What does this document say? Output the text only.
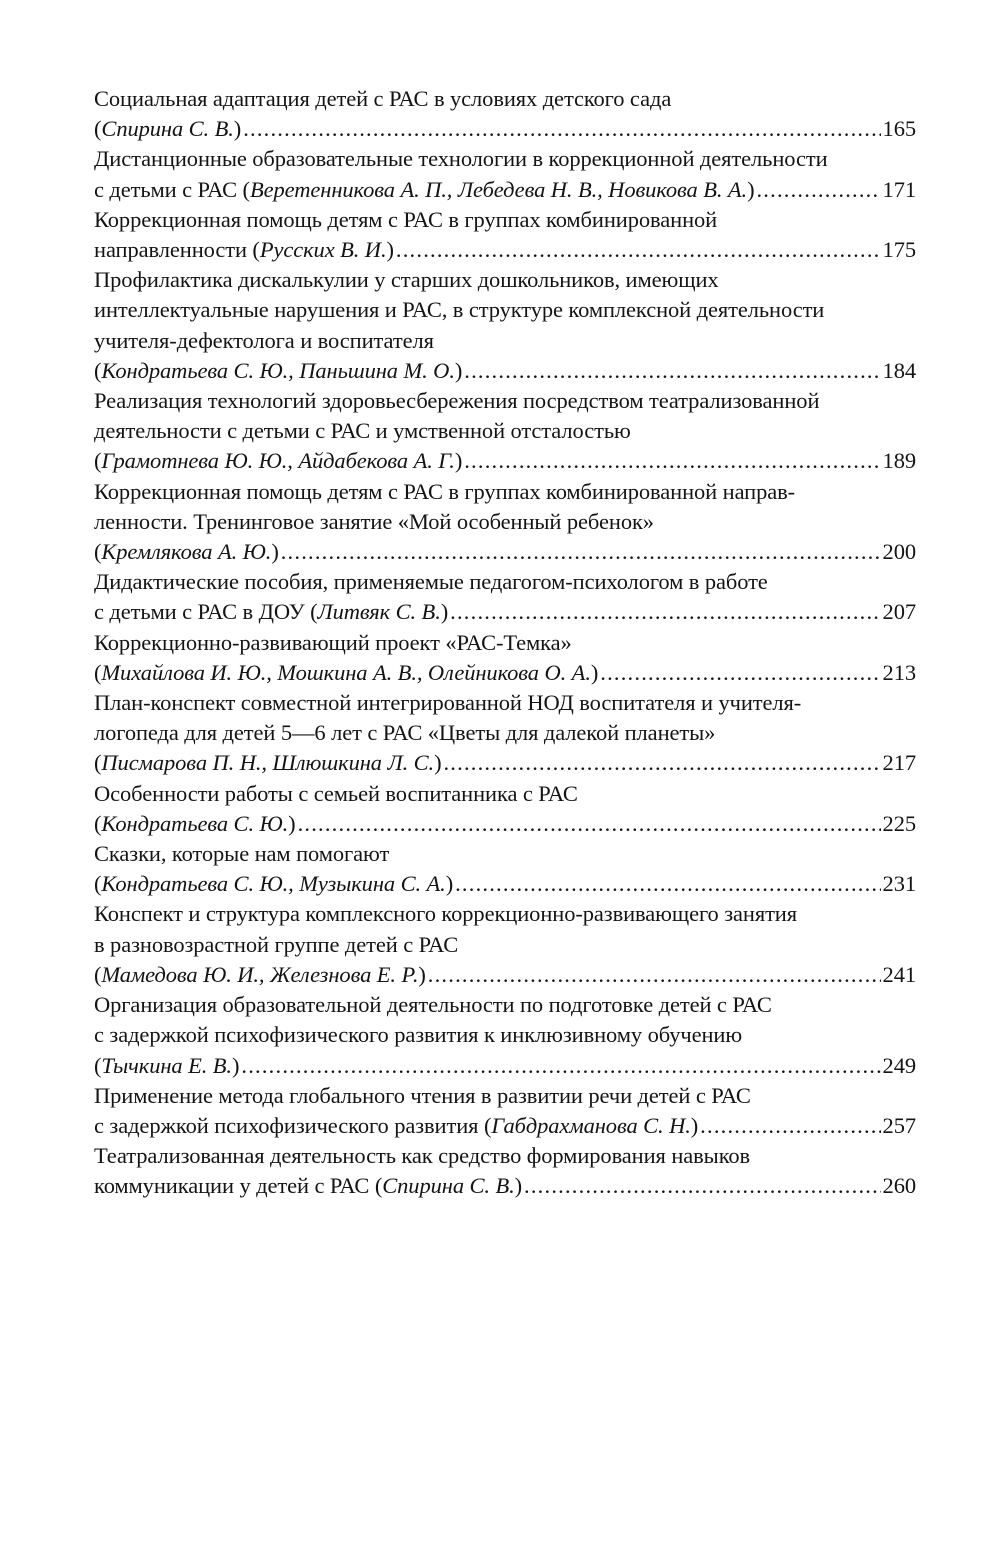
Социальная адаптация детей с РАС в условиях детского сада
( Спирина С. В. ) .....	165
Дистанционные образовательные технологии в коррекционной деятельности
с детьми с РАС ( Веретенникова А. П., Лебедева Н. В., Новикова В. А. ) .....	171
Коррекционная помощь детям с РАС в группах комбинированной
направленности ( Русских В. И. ) .....	175
Профилактика дискалькулии у старших дошкольников, имеющих
интеллектуальные нарушения и РАС, в структуре комплексной деятельности
учителя-дефектолога и воспитателя
( Кондратьева С. Ю., Паньшина М. О. ) .....	184
Реализация технологий здоровьесбережения посредством театрализованной
деятельности с детьми с РАС и умственной отсталостью
( Грамотнева Ю. Ю., Айдабекова А. Г. ) .....	189
Коррекционная помощь детям с РАС в группах комбинированной направ-
ленности. Тренинговое занятие «Мой особенный ребенок»
( Кремлякова А. Ю. ) .....	200
Дидактические пособия, применяемые педагогом-психологом в работе
с детьми с РАС в ДОУ ( Литвяк С. В. ) .....	207
Коррекционно-развивающий проект «РАС-Темка»
( Михайлова И. Ю., Мошкина А. В., Олейникова О. А. ) .....	213
План-конспект совместной интегрированной НОД воспитателя и учителя-
логопеда для детей 5—6 лет с РАС «Цветы для далекой планеты»
( Писмарова П. Н., Шлюшкина Л. С. ) .....	217
Особенности работы с семьей воспитанника с РАС
( Кондратьева С. Ю. ) .....	225
Сказки, которые нам помогают
( Кондратьева С. Ю., Музыкина С. А. ) .....	231
Конспект и структура комплексного коррекционно-развивающего занятия
в разновозрастной группе детей с РАС
( Мамедова Ю. И., Железнова Е. Р. ) .....	241
Организация образовательной деятельности по подготовке детей с РАС
с задержкой психофизического развития к инклюзивному обучению
( Тычкина Е. В. ) .....	249
Применение метода глобального чтения в развитии речи детей с РАС
с задержкой психофизического развития ( Габдрахманова С. Н. ) .....	257
Театрализованная деятельность как средство формирования навыков
коммуникации у детей с РАС ( Спирина С. В. ) .....	260
